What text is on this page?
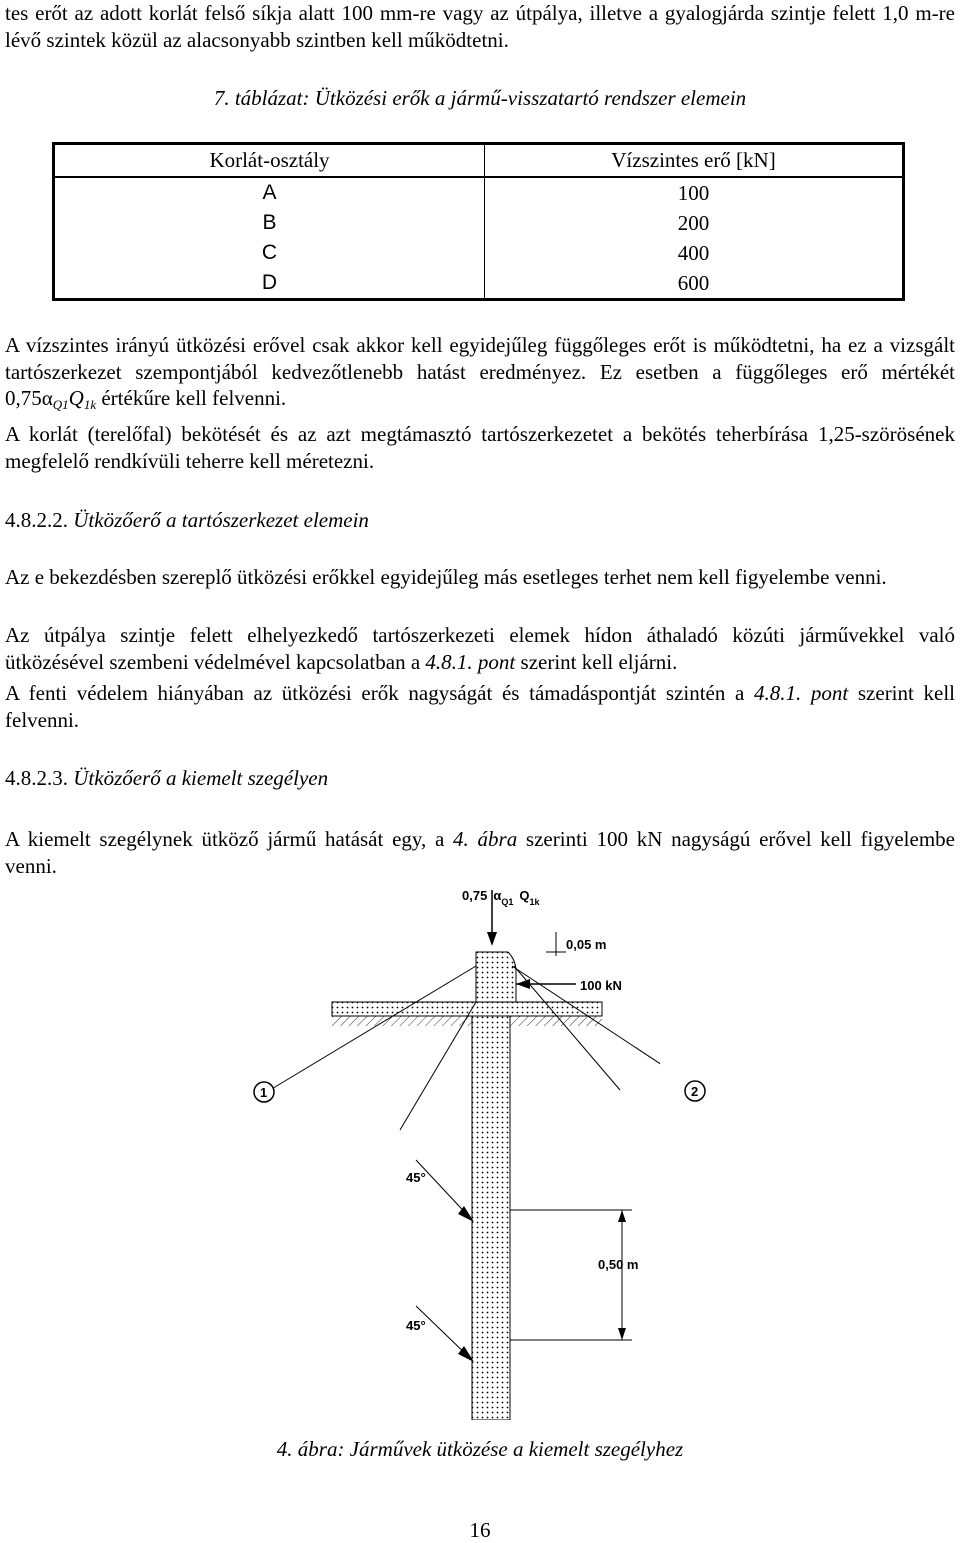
tes erőt az adott korlát felső síkja alatt 100 mm-re vagy az útpálya, illetve a gyalogjárda szintje felett 1,0 m-re lévő szintek közül az alacsonyabb szintben kell működtetni.

7. táblázat: Ütközési erők a jármű-visszatartó rendszer elemein
Korlát-osztály	Vízszintes erő [kN]
A	100
B	200
C	400
D	600

A vízszintes irányú ütközési erővel csak akkor kell egyidejűleg függőleges erőt is működtetni, ha ez a vizsgált tartószerkezet szempontjából kedvezőtlenebb hatást eredményez. Ez esetben a függőleges erő mértékét $0,75\alpha_{Q1}Q_{1k}$ értékűre kell felvenni.

A korlát (terelőfal) bekötését és az azt megtámasztó tartószerkezetet a bekötés teherbírása 1,25-szörösének megfelelő rendkívüli teherre kell méretezni.

4.8.2.2. Ütközőerő a tartószerkezet elemein

Az e bekezdésben szereplő ütközési erőkkel egyidejűleg más esetleges terhet nem kell figyelembe venni.

Az útpálya szintje felett elhelyezkedő tartószerkezeti elemek hídon áthaladó közúti járművekkel való ütközésével szembeni védelmével kapcsolatban a 4.8.1. pont szerint kell eljárni.

A fenti védelem hiányában az ütközési erők nagyságát és támadáspontját szintén a 4.8.1. pont szerint kell felvenni.

4.8.2.3. Ütközőerő a kiemelt szegélyen

A kiemelt szegélynek ütköző jármű hatását egy, a 4. ábra szerinti 100 kN nagyságú erővel kell figyelembe venni.

0,75 $\alpha_{Q1}$ $Q_{1k}$
0,05 m
100 kN
0,50 m
45°
45°
1	2
4. ábra: Járművek ütközése a kiemelt szegélyhez
16
